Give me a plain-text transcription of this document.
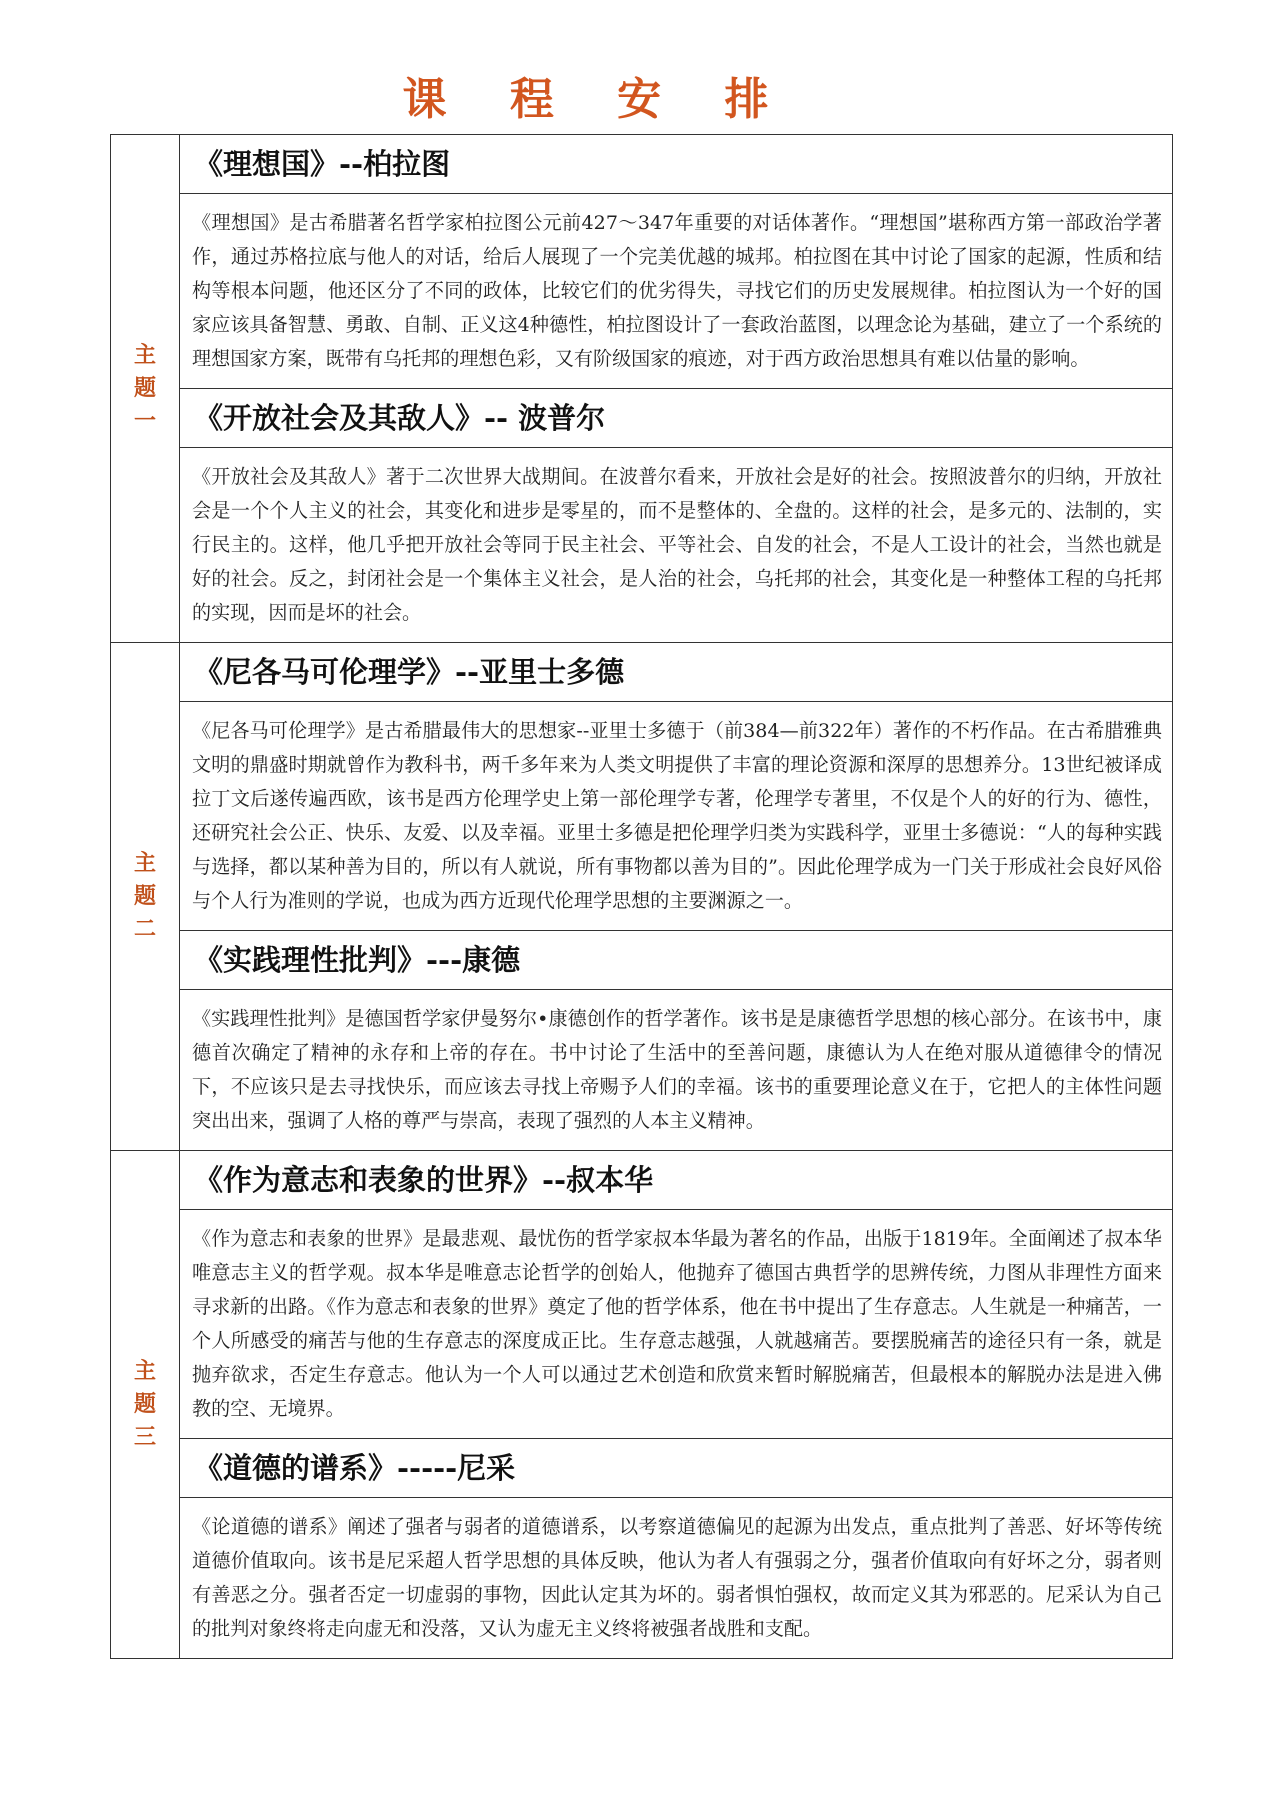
课 程 安 排
主题一	《理想国》--柏拉图
	《理想国》是古希腊著名哲学家柏拉图公元前427～347年重要的对话体著作。“理想国”堪称西方第一部政治学著作，通过苏格拉底与他人的对话，给后人展现了一个完美优越的城邦。柏拉图在其中讨论了国家的起源，性质和结构等根本问题，他还区分了不同的政体，比较它们的优劣得失，寻找它们的历史发展规律。柏拉图认为一个好的国家应该具备智慧、勇敢、自制、正义这4种德性，柏拉图设计了一套政治蓝图，以理念论为基础，建立了一个系统的理想国家方案，既带有乌托邦的理想色彩，又有阶级国家的痕迹，对于西方政治思想具有难以估量的影响。
	《开放社会及其敌人》-- 波普尔
	《开放社会及其敌人》著于二次世界大战期间。在波普尔看来，开放社会是好的社会。按照波普尔的归纳，开放社会是一个个人主义的社会，其变化和进步是零星的，而不是整体的、全盘的。这样的社会，是多元的、法制的，实行民主的。这样，他几乎把开放社会等同于民主社会、平等社会、自发的社会，不是人工设计的社会，当然也就是好的社会。反之，封闭社会是一个集体主义社会，是人治的社会，乌托邦的社会，其变化是一种整体工程的乌托邦的实现，因而是坏的社会。
主题二	《尼各马可伦理学》--亚里士多德
	《尼各马可伦理学》是古希腊最伟大的思想家--亚里士多德于（前384—前322年）著作的不朽作品。在古希腊雅典文明的鼎盛时期就曾作为教科书，两千多年来为人类文明提供了丰富的理论资源和深厚的思想养分。13世纪被译成拉丁文后遂传遍西欧，该书是西方伦理学史上第一部伦理学专著，伦理学专著里，不仅是个人的好的行为、德性，还研究社会公正、快乐、友爱、以及幸福。亚里士多德是把伦理学归类为实践科学，亚里士多德说：“人的每种实践与选择，都以某种善为目的，所以有人就说，所有事物都以善为目的”。因此伦理学成为一门关于形成社会良好风俗与个人行为准则的学说，也成为西方近现代伦理学思想的主要渊源之一。
	《实践理性批判》---康德
	《实践理性批判》是德国哲学家伊曼努尔•康德创作的哲学著作。该书是是康德哲学思想的核心部分。在该书中，康德首次确定了精神的永存和上帝的存在。书中讨论了生活中的至善问题，康德认为人在绝对服从道德律令的情况下，不应该只是去寻找快乐，而应该去寻找上帝赐予人们的幸福。该书的重要理论意义在于，它把人的主体性问题突出出来，强调了人格的尊严与崇高，表现了强烈的人本主义精神。
主题三	《作为意志和表象的世界》--叔本华
	《作为意志和表象的世界》是最悲观、最忧伤的哲学家叔本华最为著名的作品，出版于1819年。全面阐述了叔本华唯意志主义的哲学观。叔本华是唯意志论哲学的创始人，他抛弃了德国古典哲学的思辨传统，力图从非理性方面来寻求新的出路。《作为意志和表象的世界》奠定了他的哲学体系，他在书中提出了生存意志。人生就是一种痛苦，一个人所感受的痛苦与他的生存意志的深度成正比。生存意志越强，人就越痛苦。要摆脱痛苦的途径只有一条，就是抛弃欲求，否定生存意志。他认为一个人可以通过艺术创造和欣赏来暂时解脱痛苦，但最根本的解脱办法是进入佛教的空、无境界。
	《道德的谱系》-----尼采
	《论道德的谱系》阐述了强者与弱者的道德谱系，以考察道德偏见的起源为出发点，重点批判了善恶、好坏等传统道德价值取向。该书是尼采超人哲学思想的具体反映，他认为者人有强弱之分，强者价值取向有好坏之分，弱者则有善恶之分。强者否定一切虚弱的事物，因此认定其为坏的。弱者惧怕强权，故而定义其为邪恶的。尼采认为自己的批判对象终将走向虚无和没落，又认为虚无主义终将被强者战胜和支配。
